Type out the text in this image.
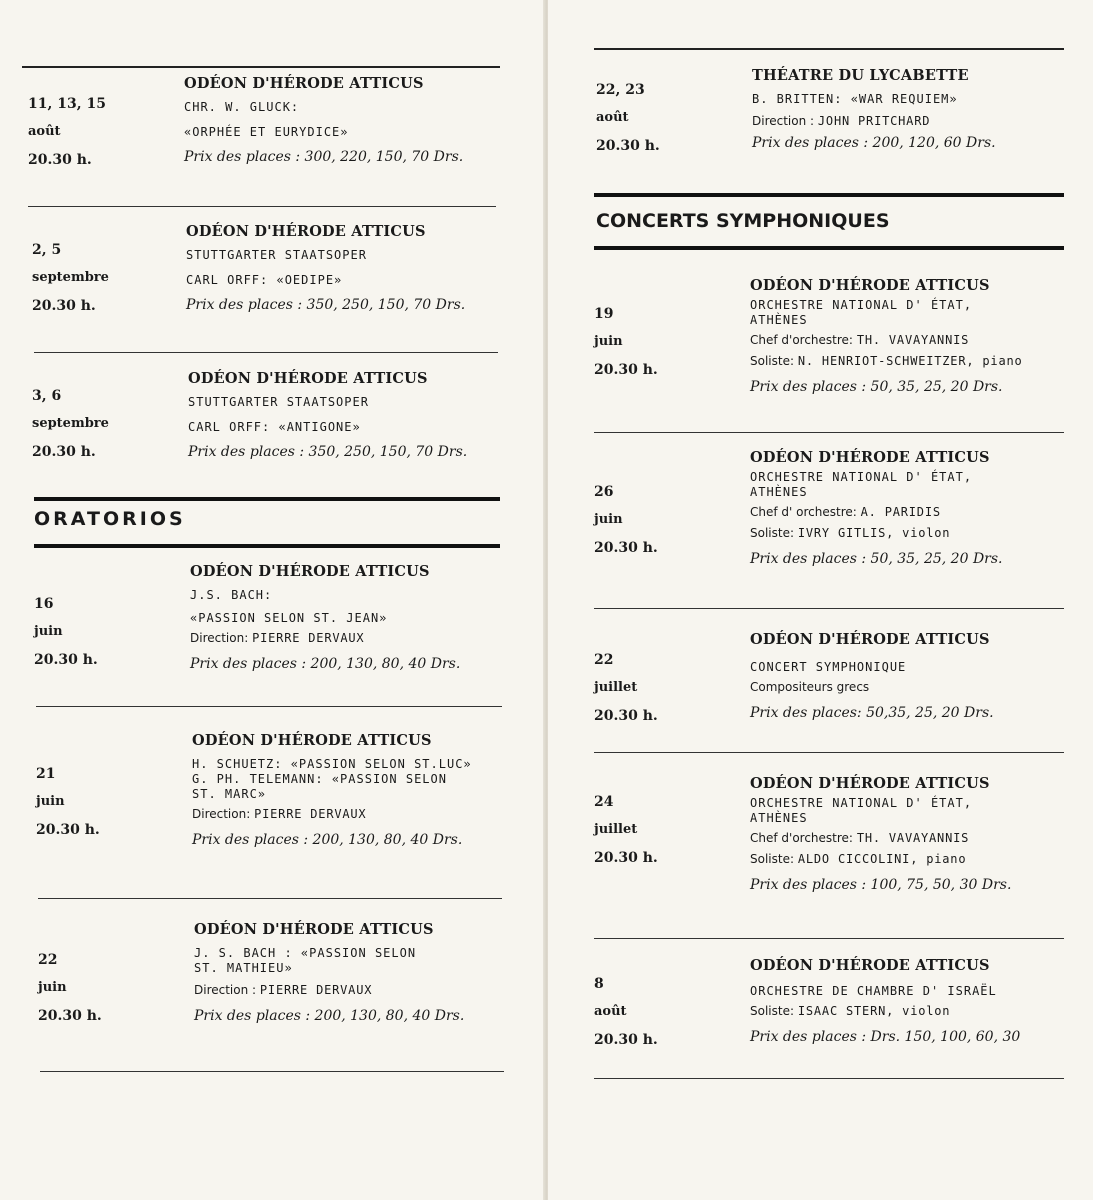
11, 13, 15
août
20.30 h.
ODÉON D'HÉRODE ATTICUS
CHR. W. GLUCK:
«ORPHÉE ET EURYDICE»
Prix des places : 300, 220, 150, 70 Drs.
2, 5
septembre
20.30 h.
ODÉON D'HÉRODE ATTICUS
STUTTGARTER STAATSOPER
CARL ORFF: «OEDIPE»
Prix des places : 350, 250, 150, 70 Drs.
3, 6
septembre
20.30 h.
ODÉON D'HÉRODE ATTICUS
STUTTGARTER STAATSOPER
CARL ORFF: «ANTIGONE»
Prix des places : 350, 250, 150, 70 Drs.
ORATORIOS
16
juin
20.30 h.
ODÉON D'HÉRODE ATTICUS
J.S. BACH:
«PASSION SELON ST. JEAN»
Direction: PIERRE DERVAUX
Prix des places : 200, 130, 80, 40 Drs.
21
juin
20.30 h.
ODÉON D'HÉRODE ATTICUS
H. SCHUETZ: «PASSION SELON ST.LUC»
G. PH. TELEMANN: «PASSION SELON
ST. MARC»
Direction: PIERRE DERVAUX
Prix des places : 200, 130, 80, 40 Drs.
22
juin
20.30 h.
ODÉON D'HÉRODE ATTICUS
J. S. BACH : «PASSION SELON
ST. MATHIEU»
Direction : PIERRE DERVAUX
Prix des places : 200, 130, 80, 40 Drs.
22, 23
août
20.30 h.
THÉATRE DU LYCABETTE
B. BRITTEN: «WAR REQUIEM»
Direction : JOHN PRITCHARD
Prix des places : 200, 120, 60 Drs.
CONCERTS SYMPHONIQUES
19
juin
20.30 h.
ODÉON D'HÉRODE ATTICUS
ORCHESTRE NATIONAL D' ÉTAT,
ATHÈNES
Chef d'orchestre: TH. VAVAYANNIS
Soliste: N. HENRIOT-SCHWEITZER, piano
Prix des places : 50, 35, 25, 20 Drs.
26
juin
20.30 h.
ODÉON D'HÉRODE ATTICUS
ORCHESTRE NATIONAL D' ÉTAT,
ATHÈNES
Chef d' orchestre: A. PARIDIS
Soliste: IVRY GITLIS, violon
Prix des places : 50, 35, 25, 20 Drs.
22
juillet
20.30 h.
ODÉON D'HÉRODE ATTICUS
CONCERT SYMPHONIQUE
Compositeurs grecs
Prix des places: 50,35, 25, 20 Drs.
24
juillet
20.30 h.
ODÉON D'HÉRODE ATTICUS
ORCHESTRE NATIONAL D' ÉTAT,
ATHÈNES
Chef d'orchestre: TH. VAVAYANNIS
Soliste: ALDO CICCOLINI, piano
Prix des places : 100, 75, 50, 30 Drs.
8
août
20.30 h.
ODÉON D'HÉRODE ATTICUS
ORCHESTRE DE CHAMBRE D' ISRAËL
Soliste: ISAAC STERN, violon
Prix des places : Drs. 150, 100, 60, 30
